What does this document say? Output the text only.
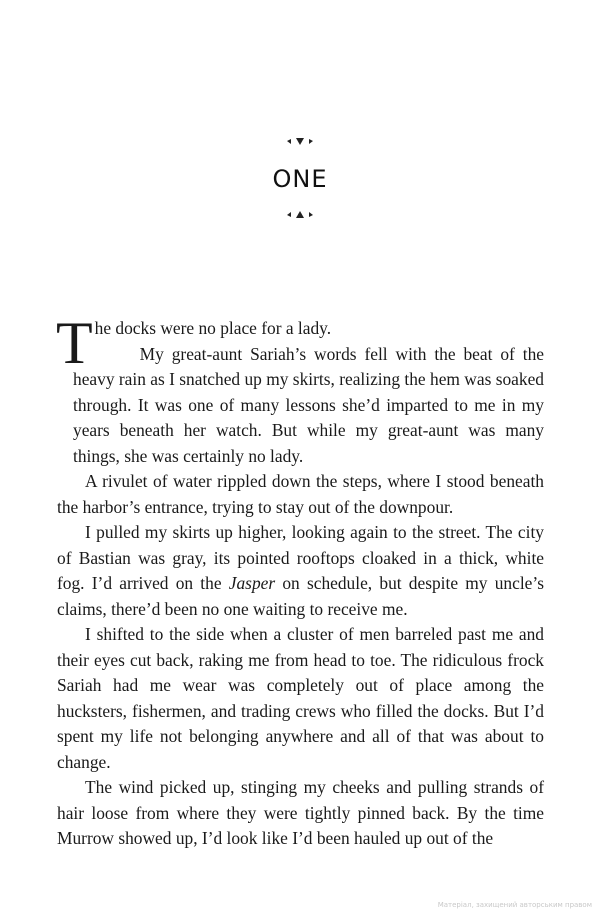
ONE

The docks were no place for a lady.

My great-aunt Sariah’s words fell with the beat of the heavy rain as I snatched up my skirts, realizing the hem was soaked through. It was one of many lessons she’d imparted to me in my years beneath her watch. But while my great-aunt was many things, she was certainly no lady.

A rivulet of water rippled down the steps, where I stood beneath the harbor’s entrance, trying to stay out of the downpour.

I pulled my skirts up higher, looking again to the street. The city of Bastian was gray, its pointed rooftops cloaked in a thick, white fog. I’d arrived on the Jasper on schedule, but despite my uncle’s claims, there’d been no one waiting to receive me.

I shifted to the side when a cluster of men barreled past me and their eyes cut back, raking me from head to toe. The ridiculous frock Sariah had me wear was completely out of place among the hucksters, fishermen, and trading crews who filled the docks. But I’d spent my life not belonging anywhere and all of that was about to change.

The wind picked up, stinging my cheeks and pulling strands of hair loose from where they were tightly pinned back. By the time Murrow showed up, I’d look like I’d been hauled up out of the

Матеріал, захищений авторським правом
